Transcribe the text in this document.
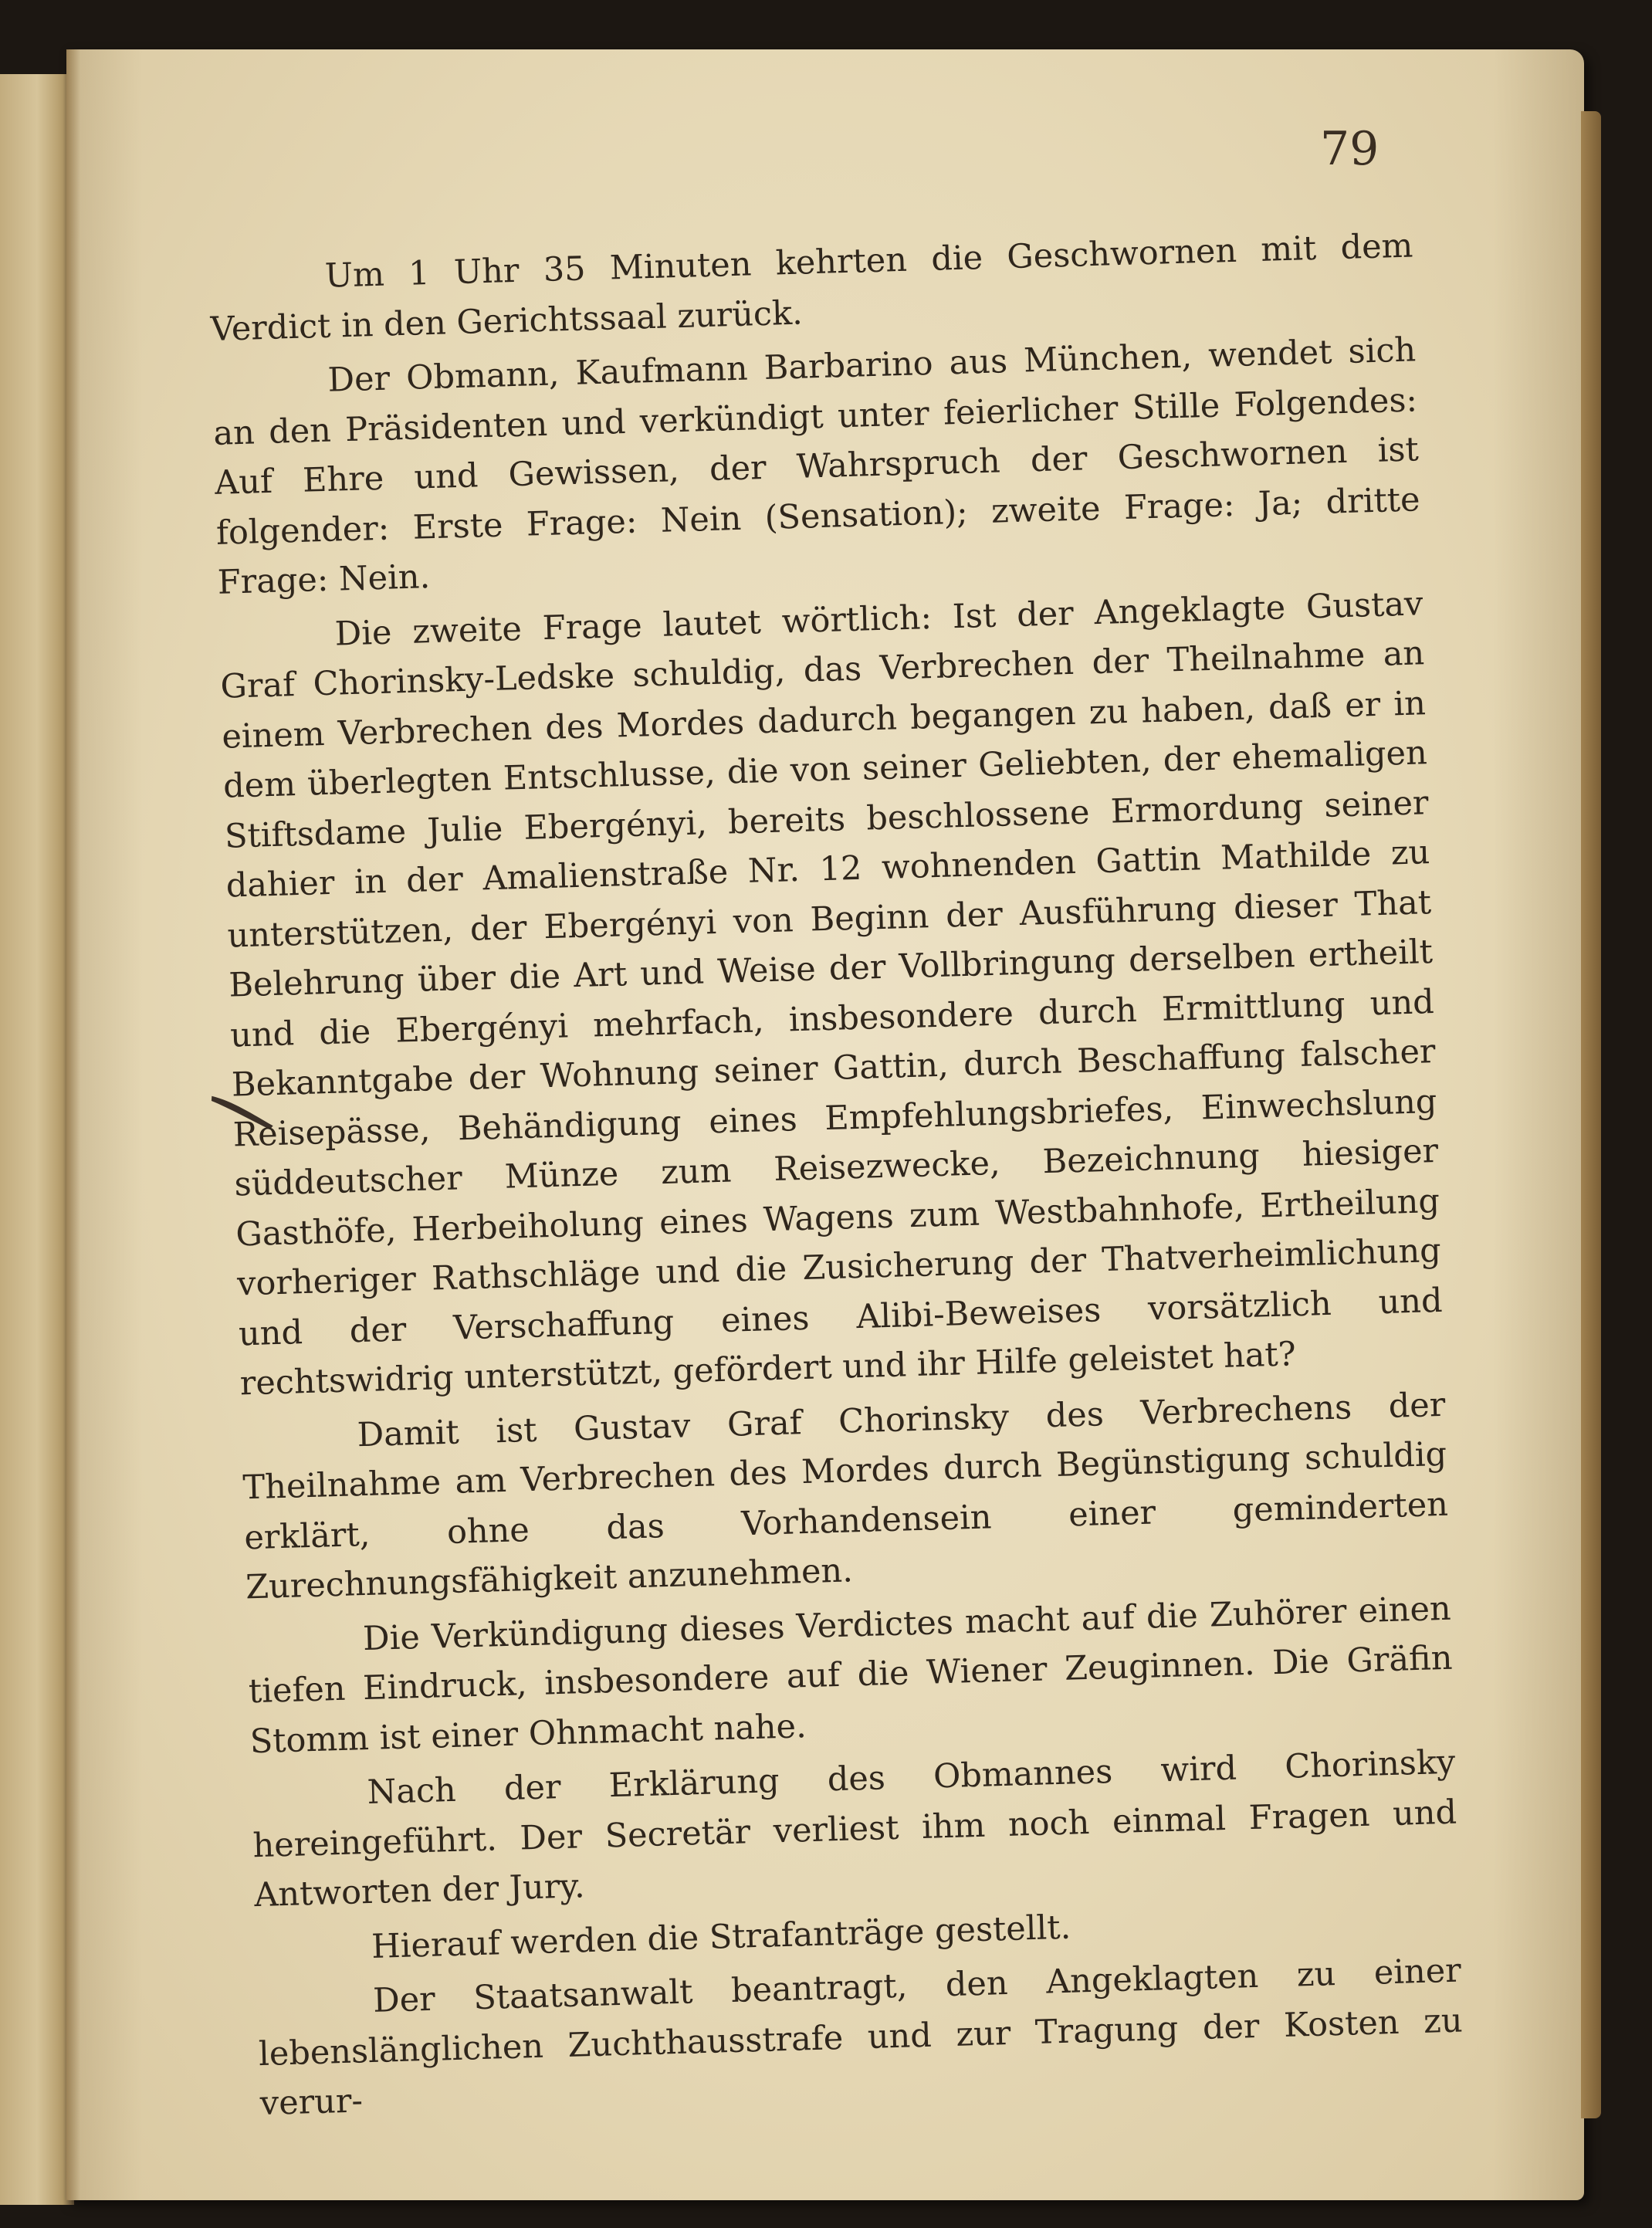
79

Um 1 Uhr 35 Minuten kehrten die Geschwornen mit dem Verdict in den Gerichtssaal zurück.

Der Obmann, Kaufmann Barbarino aus München, wendet sich an den Präsidenten und verkündigt unter feierlicher Stille Folgendes: Auf Ehre und Gewissen, der Wahrspruch der Geschwornen ist folgender: Erste Frage: Nein (Sensation); zweite Frage: Ja; dritte Frage: Nein.

Die zweite Frage lautet wörtlich: Ist der Angeklagte Gustav Graf Chorinsky-Ledske schuldig, das Verbrechen der Theilnahme an einem Verbrechen des Mordes dadurch begangen zu haben, daß er in dem überlegten Entschlusse, die von seiner Geliebten, der ehemaligen Stiftsdame Julie Ebergényi, bereits beschlossene Ermordung seiner dahier in der Amalienstraße Nr. 12 wohnenden Gattin Mathilde zu unterstützen, der Ebergényi von Beginn der Ausführung dieser That Belehrung über die Art und Weise der Vollbringung derselben ertheilt und die Ebergényi mehrfach, insbesondere durch Ermittlung und Bekanntgabe der Wohnung seiner Gattin, durch Beschaffung falscher Reisepässe, Behändigung eines Empfehlungsbriefes, Einwechslung süddeutscher Münze zum Reisezwecke, Bezeichnung hiesiger Gasthöfe, Herbeiholung eines Wagens zum Westbahnhofe, Ertheilung vorheriger Rathschläge und die Zusicherung der Thatverheimlichung und der Verschaffung eines Alibi-Beweises vorsätzlich und rechtswidrig unterstützt, gefördert und ihr Hilfe geleistet hat?

Damit ist Gustav Graf Chorinsky des Verbrechens der Theilnahme am Verbrechen des Mordes durch Begünstigung schuldig erklärt, ohne das Vorhandensein einer geminderten Zurechnungsfähigkeit anzunehmen.

Die Verkündigung dieses Verdictes macht auf die Zuhörer einen tiefen Eindruck, insbesondere auf die Wiener Zeuginnen. Die Gräfin Stomm ist einer Ohnmacht nahe.

Nach der Erklärung des Obmannes wird Chorinsky hereingeführt. Der Secretär verliest ihm noch einmal Fragen und Antworten der Jury.

Hierauf werden die Strafanträge gestellt.

Der Staatsanwalt beantragt, den Angeklagten zu einer lebenslänglichen Zuchthausstrafe und zur Tragung der Kosten zu verur-
